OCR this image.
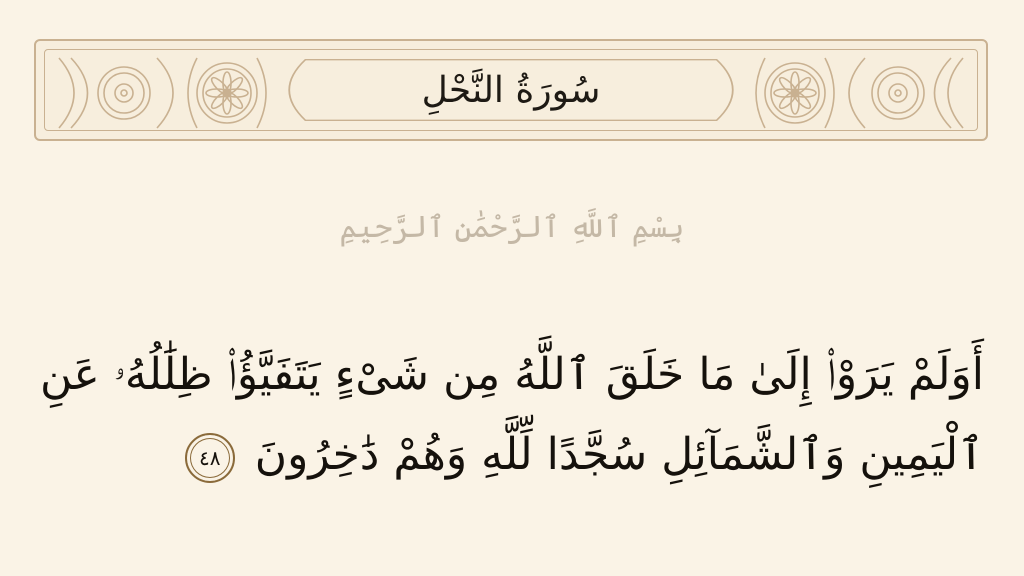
سُورَةُ النَّحْلِ
بِسْمِ ٱللَّهِ ٱلرَّحْمَٰنِ ٱلرَّحِيمِ
أَوَلَمْ يَرَوْا۟ إِلَىٰ مَا خَلَقَ ٱللَّهُ مِن شَىْءٍ يَتَفَيَّؤُا۟ ظِلَٰلُهُۥ عَنِ ٱلْيَمِينِ وَٱلشَّمَآئِلِ سُجَّدًا لِّلَّهِ وَهُمْ دَٰخِرُونَ ٤٨
